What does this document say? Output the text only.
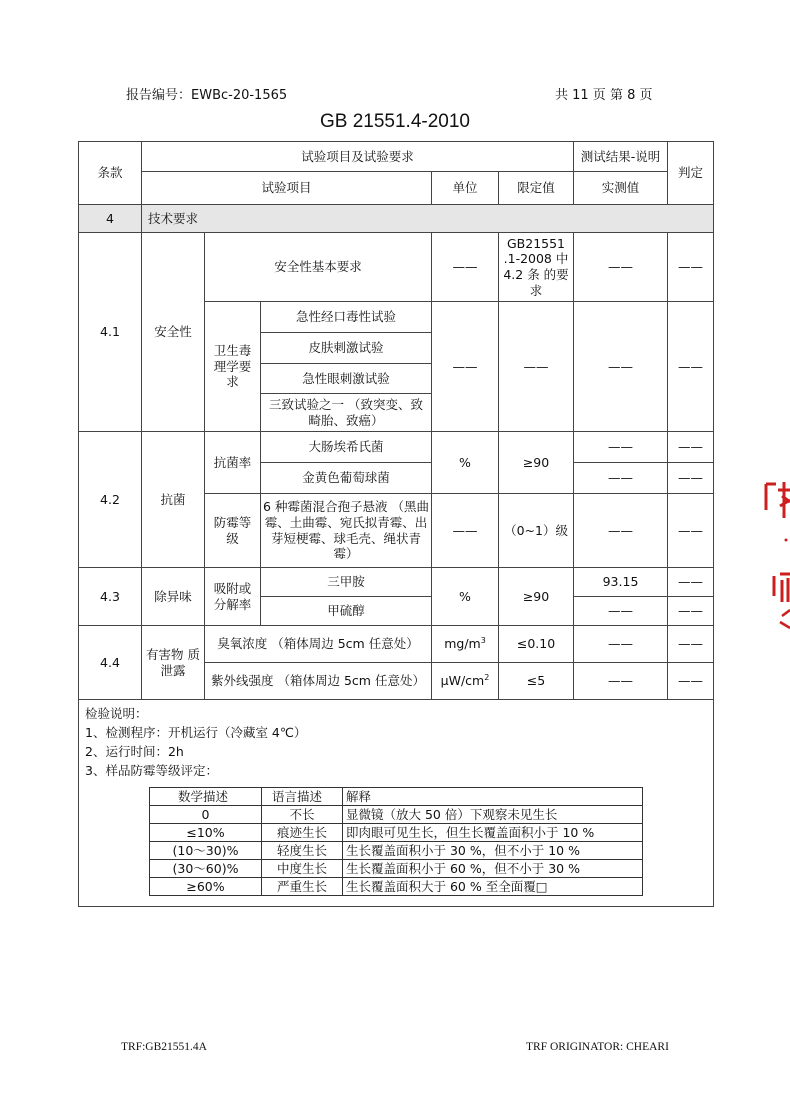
报告编号：EWBc-20-1565	共 11 页 第 8 页
GB 21551.4-2010
条款	试验项目及试验要求	测试结果-说明	判定
试验项目	单位	限定值	实测值
4	技术要求
4.1	安全性	安全性基本要求	——	GB21551 .1-2008 中 4.2 条 的要求	——	——
卫生毒 理学要 求	急性经口毒性试验	——	——	——	——
皮肤刺激试验
急性眼刺激试验
三致试验之一 （致突变、致畸胎、致癌）
4.2	抗菌	抗菌率	大肠埃希氏菌	%	≥90	——	——
金黄色葡萄球菌	——	——
防霉等 级	6 种霉菌混合孢子悬液 （黑曲霉、土曲霉、宛氏拟青霉、出芽短梗霉、球毛壳、绳状青霉）	——	（0~1）级	——	——
4.3	除异味	吸附或 分解率	三甲胺	%	≥90	93.15	——
甲硫醇	——	——
4.4	有害物 质泄露	臭氧浓度 （箱体周边 5cm 任意处）	$mg/m^3$	≤0.10	——	——
紫外线强度 （箱体周边 5cm 任意处）	$\mu W/cm^2$	≤5	——	——

检验说明：
1、检测程序：开机运行（冷藏室 4℃）
2、运行时间：2h
3、样品防霉等级评定：
数学描述	语言描述	解释
0	不长	显微镜（放大 50 倍）下观察未见生长
≤10%	痕迹生长	即肉眼可见生长，但生长覆盖面积小于 10 %
(10～30)%	轻度生长	生长覆盖面积小于 30 %，但不小于 10 %
(30～60)%	中度生长	生长覆盖面积小于 60 %，但不小于 30 %
≥60%	严重生长	生长覆盖面积大于 60 % 至全面覆□
TRF:GB21551.4A	TRF ORIGINATOR: CHEARI
